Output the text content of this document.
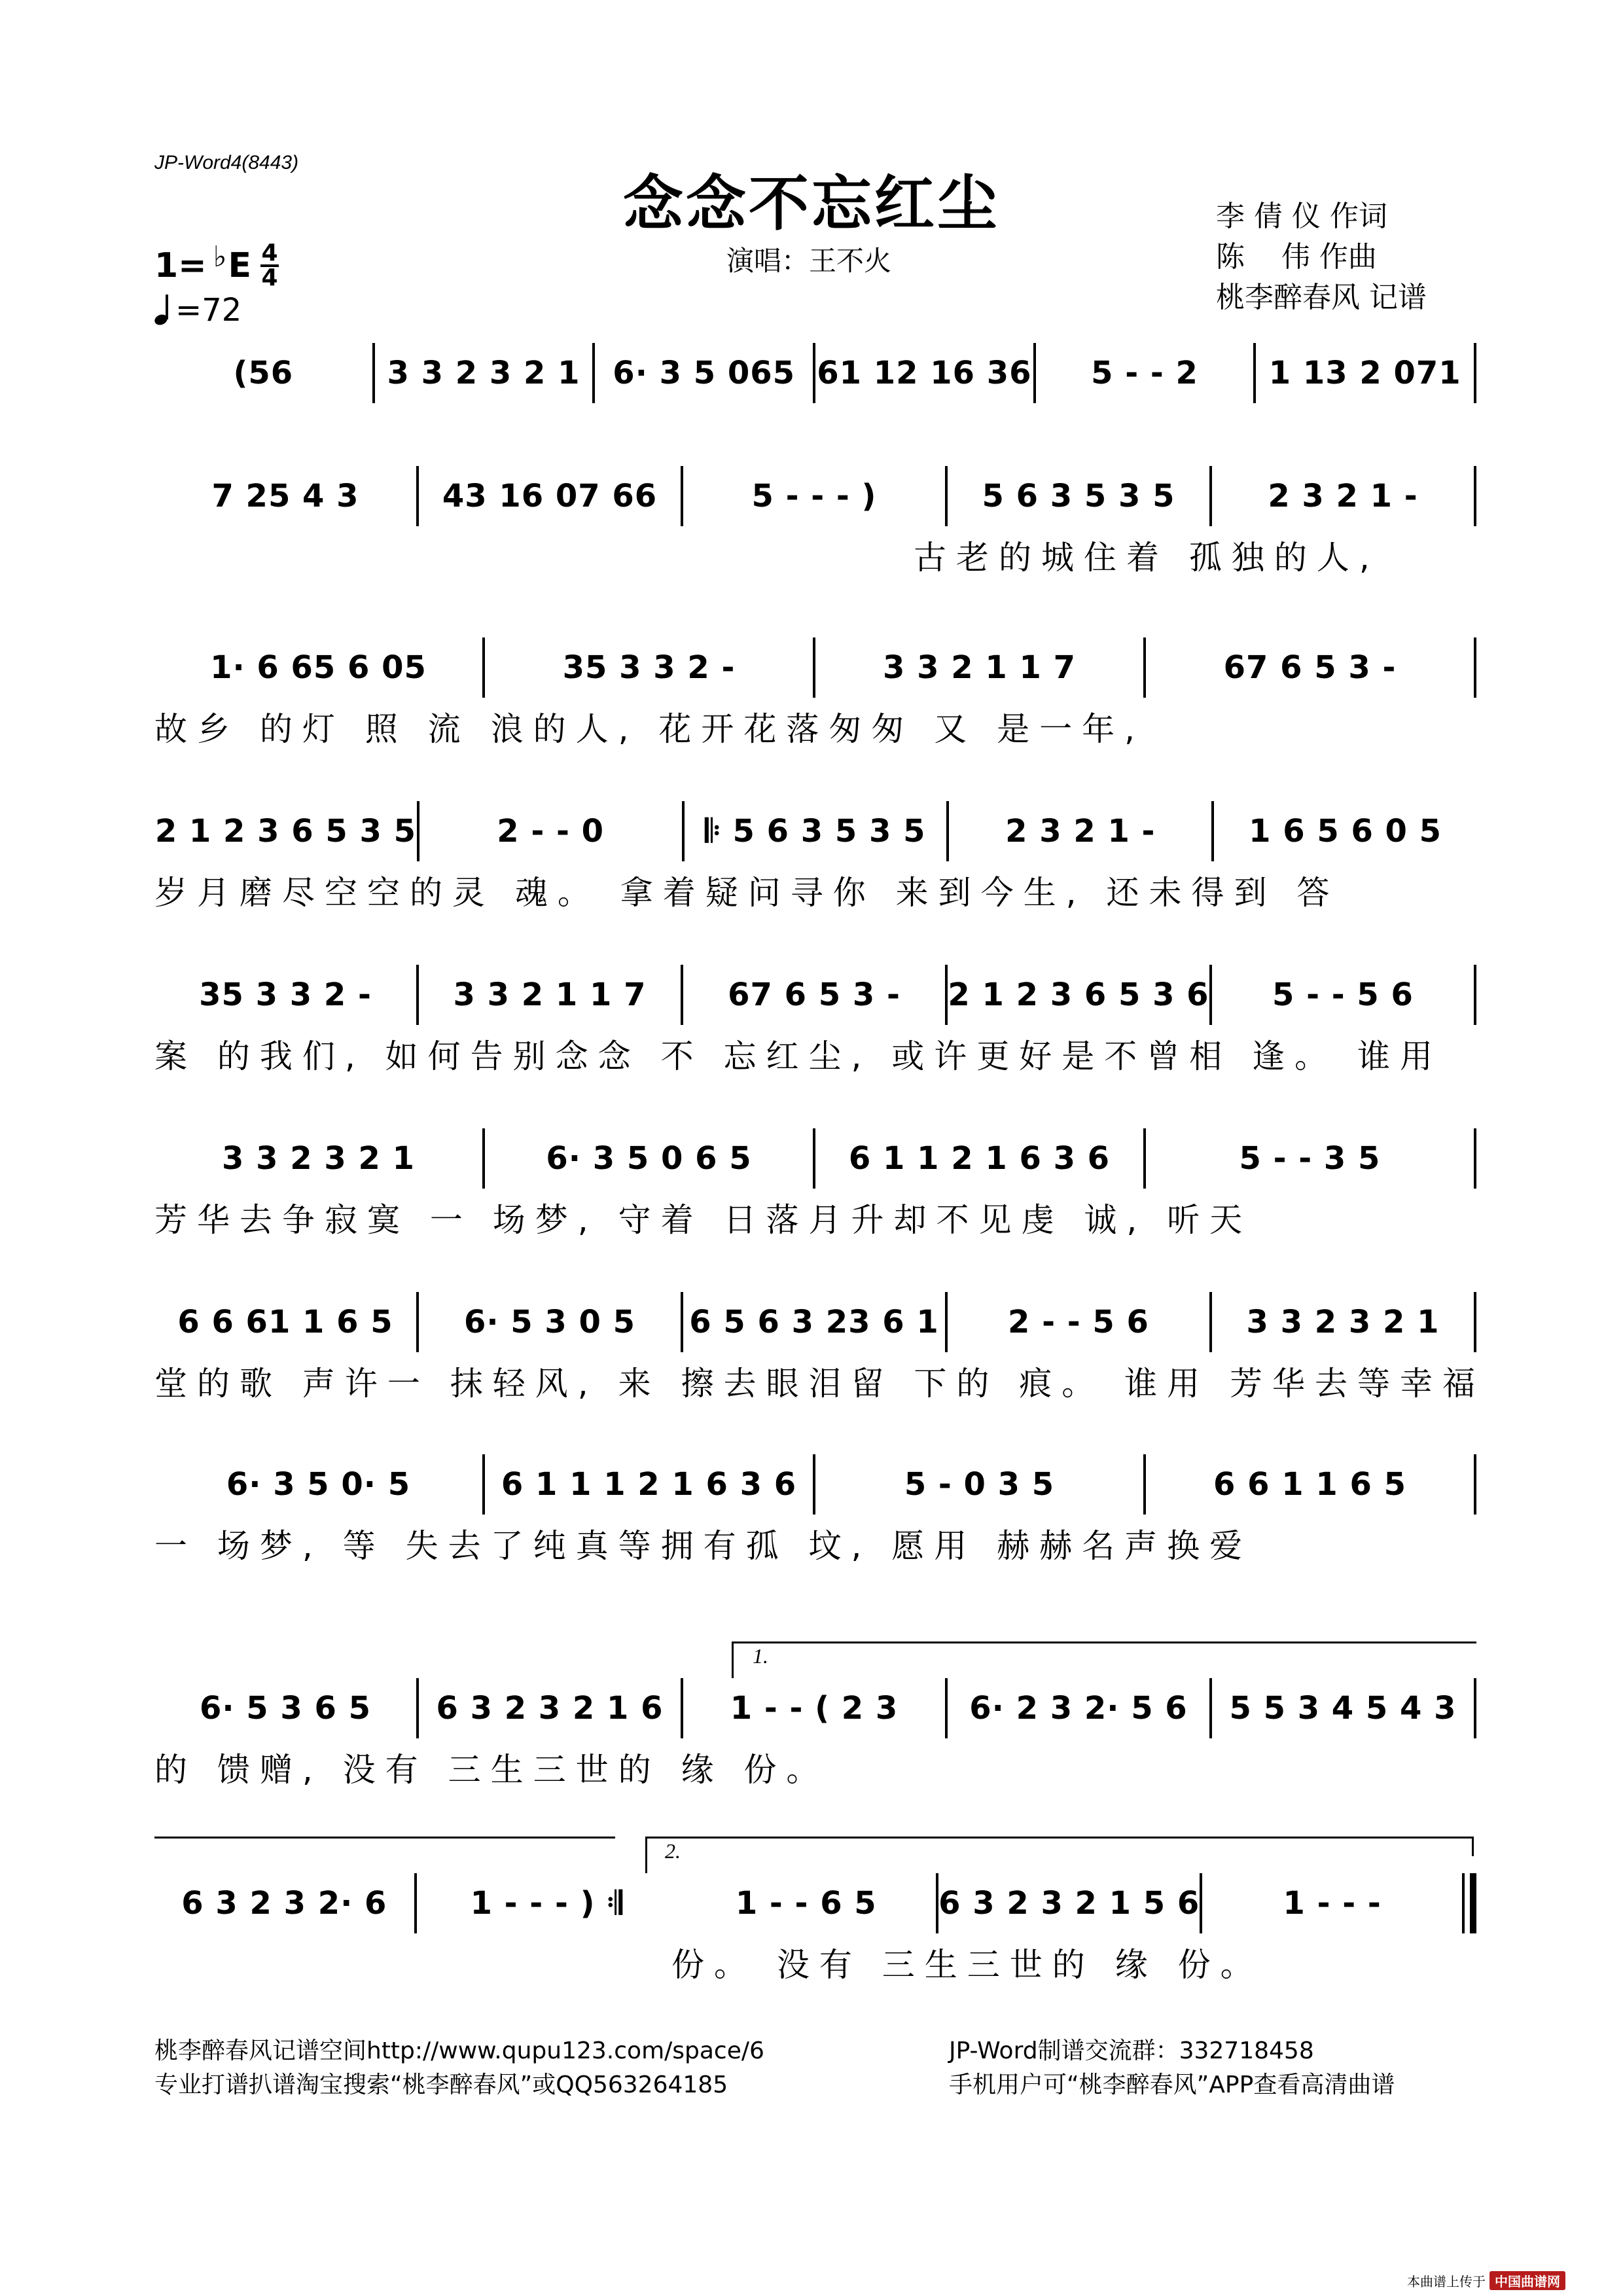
JP-Word4(8443)
念念不忘红尘
演唱：王不火
李 倩 仪 作词
陈    伟 作曲
桃李醉春风 记谱
1= ♭ E 4
4
=72
(56	3 3 2 3 2 1	6· 3 5 065 61 12 16 36	5 - - 2	1 13 2 071
7 25 4 3	43 16 07 66	5 - - - )	5 6 3 5 3 5	2 3 2 1 -
古老的城住着 孤独的人,
1· 6 65 6 05	35 3 3 2 -	3 3 2 1 1 7	67 6 5 3 -
故乡 的灯 照 流 浪的人, 花开花落匆匆 又 是一年,
2 1 2 3 6 5 3 5	2 - - 0	𝄆 5 6 3 5 3 5	2 3 2 1 -	1 6 5 6 0 5
岁月磨尽空空的灵 魂。 拿着疑问寻你 来到今生, 还未得到 答
35 3 3 2 -	3 3 2 1 1 7	67 6 5 3 -	2 1 2 3 6 5 3 6	5 - - 5 6
案 的我们, 如何告别念念 不 忘红尘, 或许更好是不曾相 逢。 谁用
3 3 2 3 2 1	6· 3 5 0 6 5	6 1 1 2 1 6 3 6	5 - - 3 5
芳华去争寂寞 一 场梦, 守着 日落月升却不见虔 诚, 听天
6 6 61 1 6 5	6· 5 3 0 5	6 5 6 3 23 6 1	2 - - 5 6	3 3 2 3 2 1
堂的歌 声许一 抹轻风, 来 擦去眼泪留 下的 痕。 谁用 芳华去等幸福
6· 3 5 0· 5	6 1 1 1 2 1 6 3 6	5 - 0 3 5	6 6 1 1 6 5
一 场梦, 等 失去了纯真等拥有孤 坟, 愿用 赫赫名声换爱
1.
6· 5 3 6 5	6 3 2 3 2 1 6	1 - - ( 2 3	6· 2 3 2· 5 6	5 5 3 4 5 4 3
的 馈赠, 没有 三生三世的 缘 份。
2.
6 3 2 3 2· 6	1 - - - ) 𝄇	1 - - 6 5	6 3 2 3 2 1 5 6	1 - - -
份。 没有 三生三世的 缘 份。
桃李醉春风记谱空间http://www.qupu123.com/space/6
专业打谱扒谱淘宝搜索“桃李醉春风”或QQ563264185
JP-Word制谱交流群：332718458
手机用户可“桃李醉春风”APP查看高清曲谱
本曲谱上传于 中国曲谱网
